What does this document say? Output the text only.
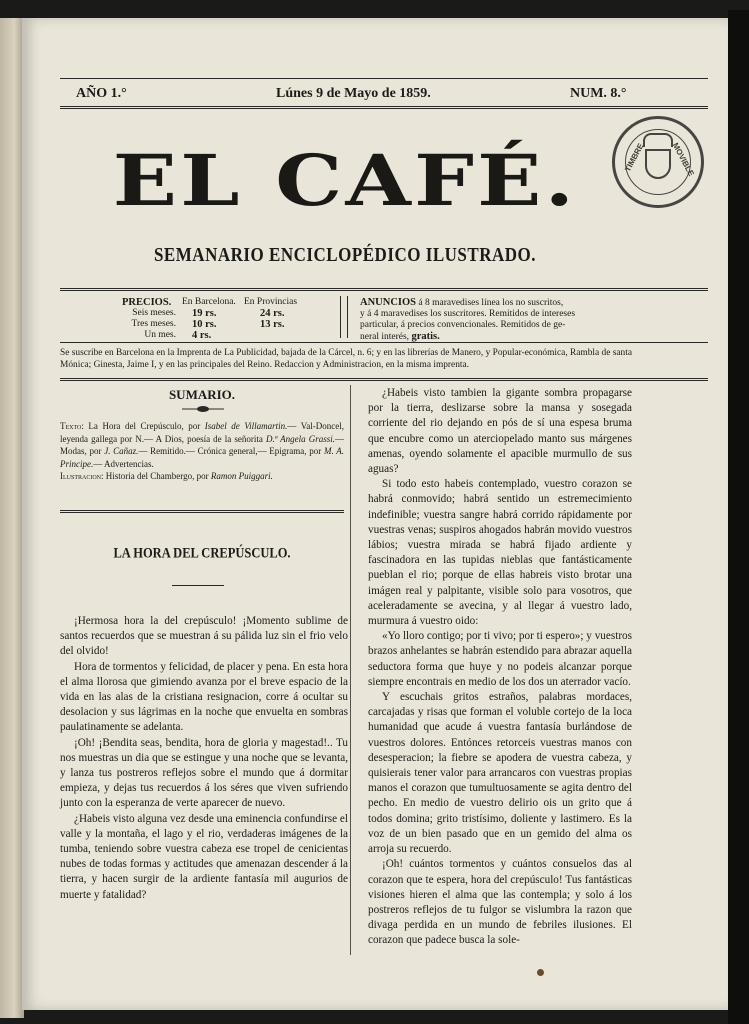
AÑO 1.°	Lúnes 9 de Mayo de 1859.	NUM. 8.°
EL CAFÉ.
SEMANARIO ENCICLOPÉDICO ILUSTRADO.
TIMBRE	MOVIBLE
PRECIOS.	En Barcelona. En Provincias
Seis meses.	19 rs.	24 rs.
Tres meses.	10 rs.	13 rs.
Un mes.	4 rs.
ANUNCIOS á 8 maravedises línea los no suscritos,
y á 4 maravedises los suscritores. Remitidos de intereses
particular, á precios convencionales. Remitidos de ge-
neral interés, gratis.
Se suscribe en Barcelona en la Imprenta de La Publicidad, bajada de la Cárcel, n. 6; y en las librerías de Manero, y Popular-económica, Rambla de santa Mónica; Ginesta, Jaime I, y en las principales del Reino. Redaccion y Administracion, en la misma imprenta.
SUMARIO.
Texto: La Hora del Crepúsculo, por Isabel de Villamartin.— Val-Doncel, leyenda gallega por N.— A Dios, poesía de la señorita D.ª Angela Grassi.— Modas, por J. Cañaz.— Remitido.— Crónica general,— Epigrama, por M. A. Principe.— Advertencias.
Ilustracion: Historia del Chambergo, por Ramon Puiggari.
LA HORA DEL CREPÚSCULO.

¡Hermosa hora la del crepúsculo! ¡Momento sublime de santos recuerdos que se muestran á su pálida luz sin el frio velo del olvido!

Hora de tormentos y felicidad, de placer y pena. En esta hora el alma llorosa que gimiendo avanza por el breve espacio de la vida en las alas de la cristiana resignacion, corre á ocultar su desolacion y sus lágrimas en la noche que envuelta en sombras paulatinamente se adelanta.

¡Oh! ¡Bendita seas, bendita, hora de gloria y magestad!.. Tu nos muestras un dia que se estingue y una noche que se levanta, y lanza tus postreros reflejos sobre el mundo que á dormitar empieza, y dejas tus recuerdos á los séres que viven sufriendo junto con la esperanza de verte aparecer de nuevo.

¿Habeis visto alguna vez desde una eminencia confundirse el valle y la montaña, el lago y el rio, verdaderas imágenes de la tumba, teniendo sobre vuestra cabeza ese tropel de cenicientas nubes de todas formas y actitudes que amenazan descender á la tierra, y hacen surgir de la ardiente fantasía mil augurios de muerte y fatalidad?

¿Habeis visto tambien la gigante sombra propagarse por la tierra, deslizarse sobre la mansa y sosegada corriente del rio dejando en pós de sí una espesa bruma que encubre como un aterciopelado manto sus márgenes amenas, oyendo solamente el apacible murmullo de sus aguas?

Si todo esto habeis contemplado, vuestro corazon se habrá conmovido; habrá sentido un estremecimiento indefinible; vuestra sangre habrá corrido rápidamente por vuestras venas; suspiros ahogados habrán movido vuestros lábios; vuestra mirada se habrá fijado ardiente y fascinadora en las tupidas nieblas que fantásticamente pueblan el rio; porque de ellas habreis visto brotar una imágen real y palpitante, visible solo para vosotros, que aceleradamente se avecina, y al llegar á vuestro lado, murmura á vuestro oido:

«Yo lloro contigo; por ti vivo; por ti espero»; y vuestros brazos anhelantes se habrán estendido para abrazar aquella seductora forma que huye y no podeis alcanzar porque siempre encontrais en medio de los dos un aterrador vacío.

Y escuchais gritos estraños, palabras mordaces, carcajadas y risas que forman el voluble cortejo de la loca humanidad que acude á vuestra fantasía burlándose de vuestros dolores. Entónces retorceis vuestras manos con desesperacion; la fiebre se apodera de vuestra cabeza, y quisierais tener valor para arrancaros con vuestras propias manos el corazon que tumultuosamente se agita dentro del pecho. En medio de vuestro delirio ois un grito que á todos domina; grito tristísimo, doliente y lastimero. Es la voz de un bien pasado que en un gemido del alma os arroja su recuerdo.

¡Oh! cuántos tormentos y cuántos consuelos das al corazon que te espera, hora del crepúsculo! Tus fantásticas visiones hieren el alma que las contempla; y solo á los postreros reflejos de tu fulgor se vislumbra la razon que divaga perdida en un mundo de febriles ilusiones. El corazon que padece busca la sole-
